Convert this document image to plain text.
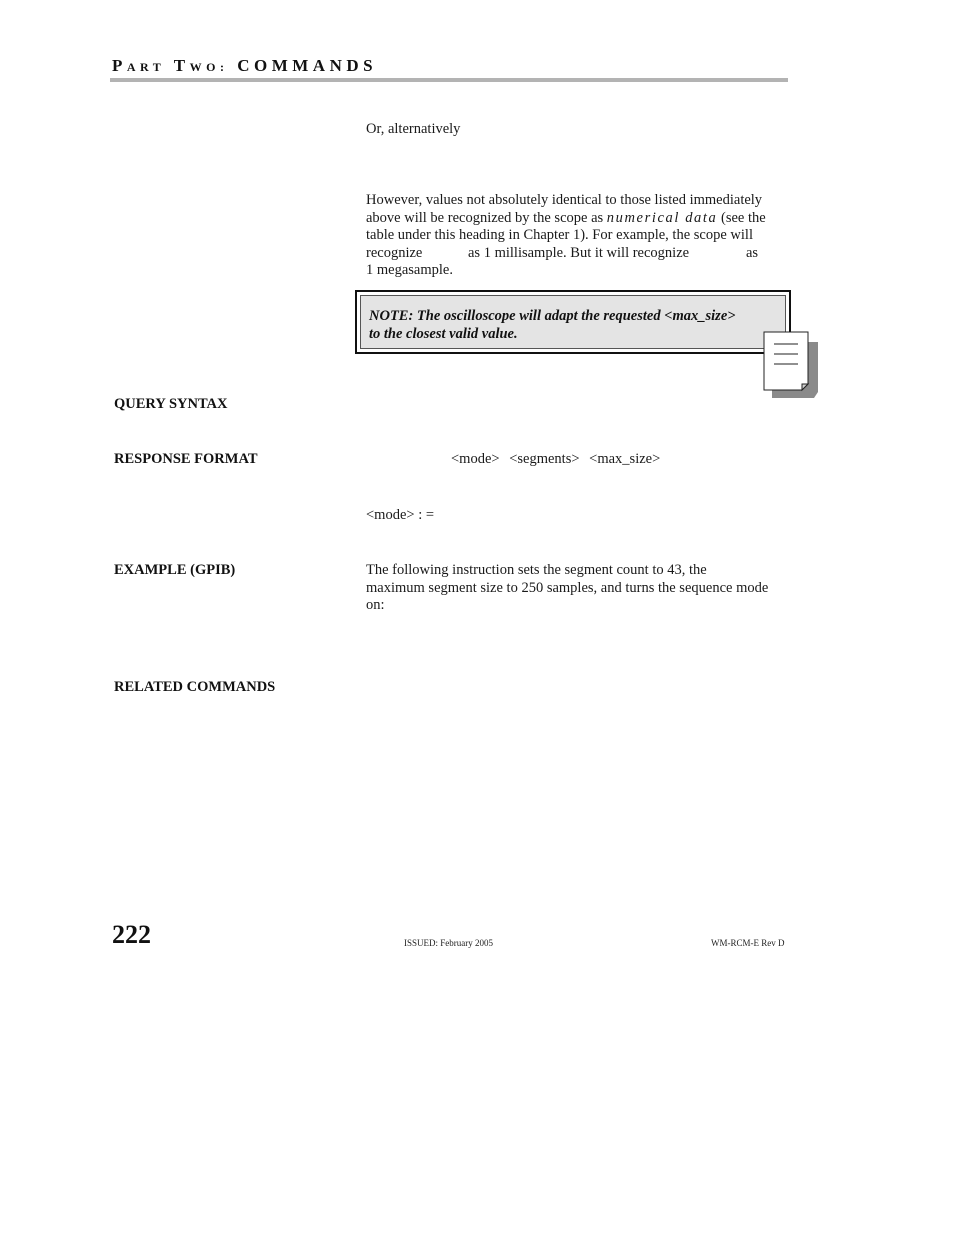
PART TWO: COMMANDS
Or, alternatively
However, values not absolutely identical to those listed immediately
above will be recognized by the scope as numerical data (see the
table under this heading in Chapter 1). For example, the scope will
recognize	as 1 millisample. But it will recognize	as
1 megasample.
NOTE: The oscilloscope will adapt the requested <max_size>
to the closest valid value.
QUERY SYNTAX
RESPONSE FORMAT	<mode> <segments> <max_size>
<mode> : =
EXAMPLE (GPIB)	The following instruction sets the segment count to 43, the
maximum segment size to 250 samples, and turns the sequence mode
on:
RELATED COMMANDS
222	ISSUED: February 2005	WM-RCM-E Rev D
